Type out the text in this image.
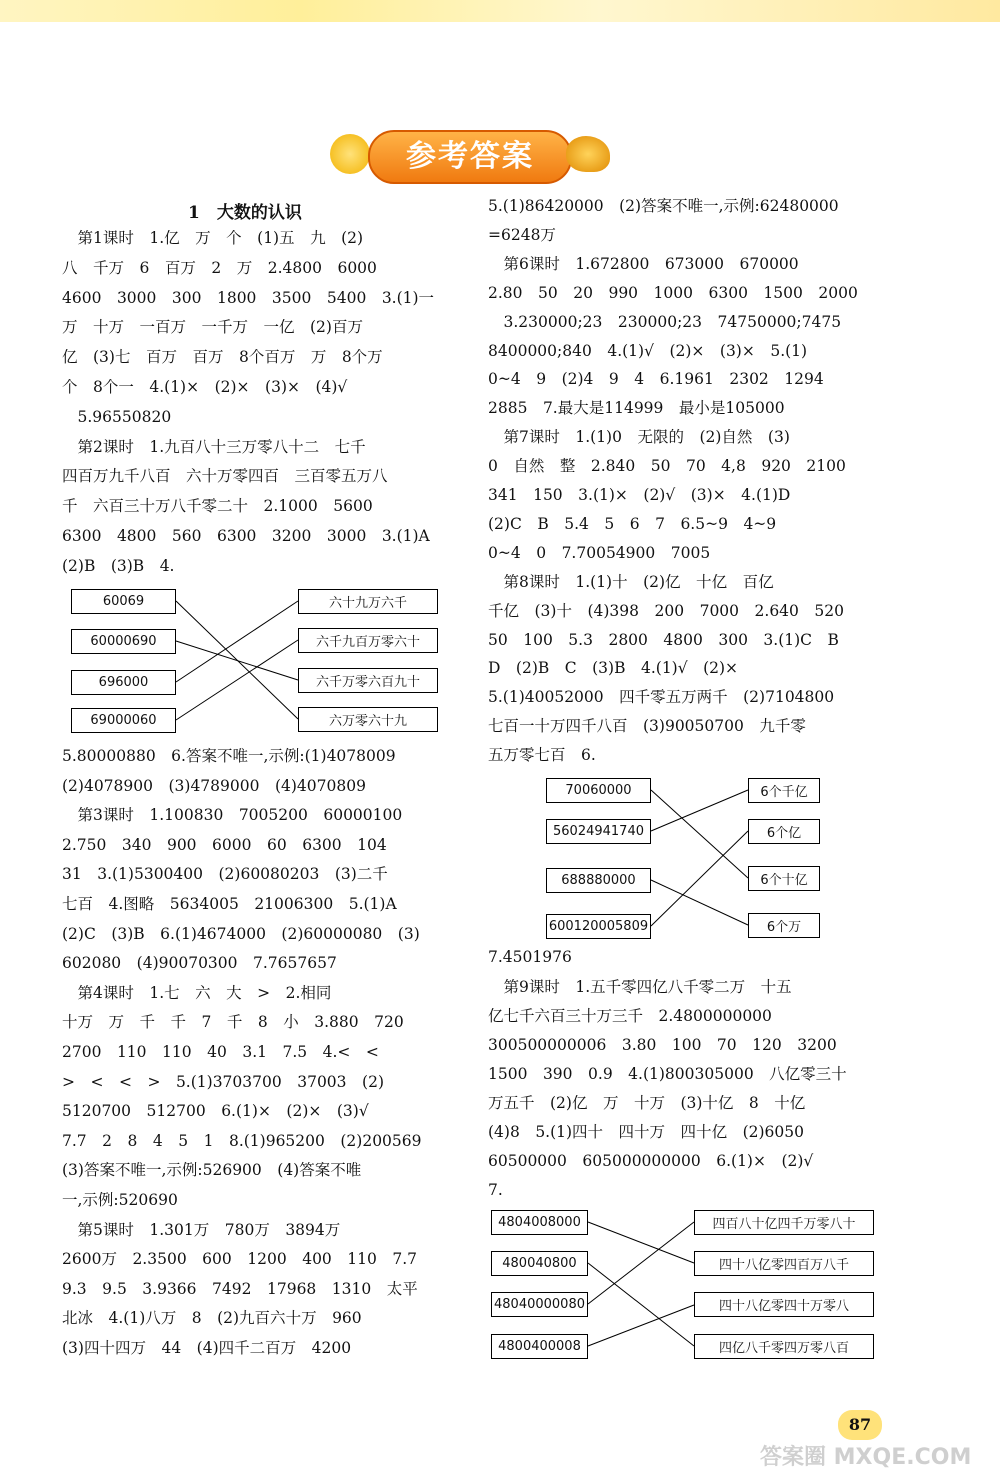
参考答案
1　大数的认识
　第1课时　1.亿　万　个　(1)五　九　(2)
八　千万　6　百万　2　万　2.4800　6000
4600　3000　300　1800　3500　5400　3.(1)一
万　十万　一百万　一千万　一亿　(2)百万
亿　(3)七　百万　百万　8个百万　万　8个万
个　8个一　4.(1)×　(2)×　(3)×　(4)√
　5.96550820
　第2课时　1.九百八十三万零八十二　七千
四百万九千八百　六十万零四百　三百零五万八
千　六百三十万八千零二十　2.1000　5600
6300　4800　560　6300　3200　3000　3.(1)A
(2)B　(3)B　4.
5.80000880　6.答案不唯一,示例:(1)4078009
(2)4078900　(3)4789000　(4)4070809
　第3课时　1.100830　7005200　60000100
2.750　340　900　6000　60　6300　104
31　3.(1)5300400　(2)60080203　(3)二千
七百　4.图略　5634005　21006300　5.(1)A
(2)C　(3)B　6.(1)4674000　(2)60000080　(3)
602080　(4)90070300　7.7657657
　第4课时　1.七　六　大　>　2.相同
十万　万　千　千　7　千　8　小　3.880　720
2700　110　110　40　3.1　7.5　4.<　<
>　<　<　>　5.(1)3703700　37003　(2)
5120700　512700　6.(1)×　(2)×　(3)√
7.7　2　8　4　5　1　8.(1)965200　(2)200569
(3)答案不唯一,示例:526900　(4)答案不唯
一,示例:520690
　第5课时　1.301万　780万　3894万
2600万　2.3500　600　1200　400　110　7.7
9.3　9.5　3.9366　7492　17968　1310　太平
北冰　4.(1)八万　8　(2)九百六十万　960
(3)四十四万　44　(4)四千二百万　4200
5.(1)86420000　(2)答案不唯一,示例:62480000
=6248万
　第6课时　1.672800　673000　670000
2.80　50　20　990　1000　6300　1500　2000
　3.230000;23　230000;23　74750000;7475
8400000;840　4.(1)√　(2)×　(3)×　5.(1)
0~4　9　(2)4　9　4　6.1961　2302　1294
2885　7.最大是114999　最小是105000
　第7课时　1.(1)0　无限的　(2)自然　(3)
0　自然　整　2.840　50　70　4,8　920　2100
341　150　3.(1)×　(2)√　(3)×　4.(1)D
(2)C　B　5.4　5　6　7　6.5~9　4~9
0~4　0　7.70054900　7005
　第8课时　1.(1)十　(2)亿　十亿　百亿
千亿　(3)十　(4)398　200　7000　2.640　520
50　100　5.3　2800　4800　300　3.(1)C　B
D　(2)B　C　(3)B　4.(1)√　(2)×
5.(1)40052000　四千零五万两千　(2)7104800
七百一十万四千八百　(3)90050700　九千零
五万零七百　6.
7.4501976
　第9课时　1.五千零四亿八千零二万　十五
亿七千六百三十万三千　2.4800000000
300500000006　3.80　100　70　120　3200
1500　390　0.9　4.(1)800305000　八亿零三十
万五千　(2)亿　万　十万　(3)十亿　8　十亿
(4)8　5.(1)四十　四十万　四十亿　(2)6050
60500000　605000000000　6.(1)×　(2)√
7.
60069
60000690
696000
69000060
六十九万六千
六千九百万零六十
六千万零六百九十
六万零六十九
70060000
56024941740
688880000
600120005809
6个千亿
6个亿
6个十亿
6个万
4804008000
480040800
48040000080
4800400008
四百八十亿四千万零八十
四十八亿零四百万八千
四十八亿零四十万零八
四亿八千零四万零八百
87
答案圈 MXQE.COM
